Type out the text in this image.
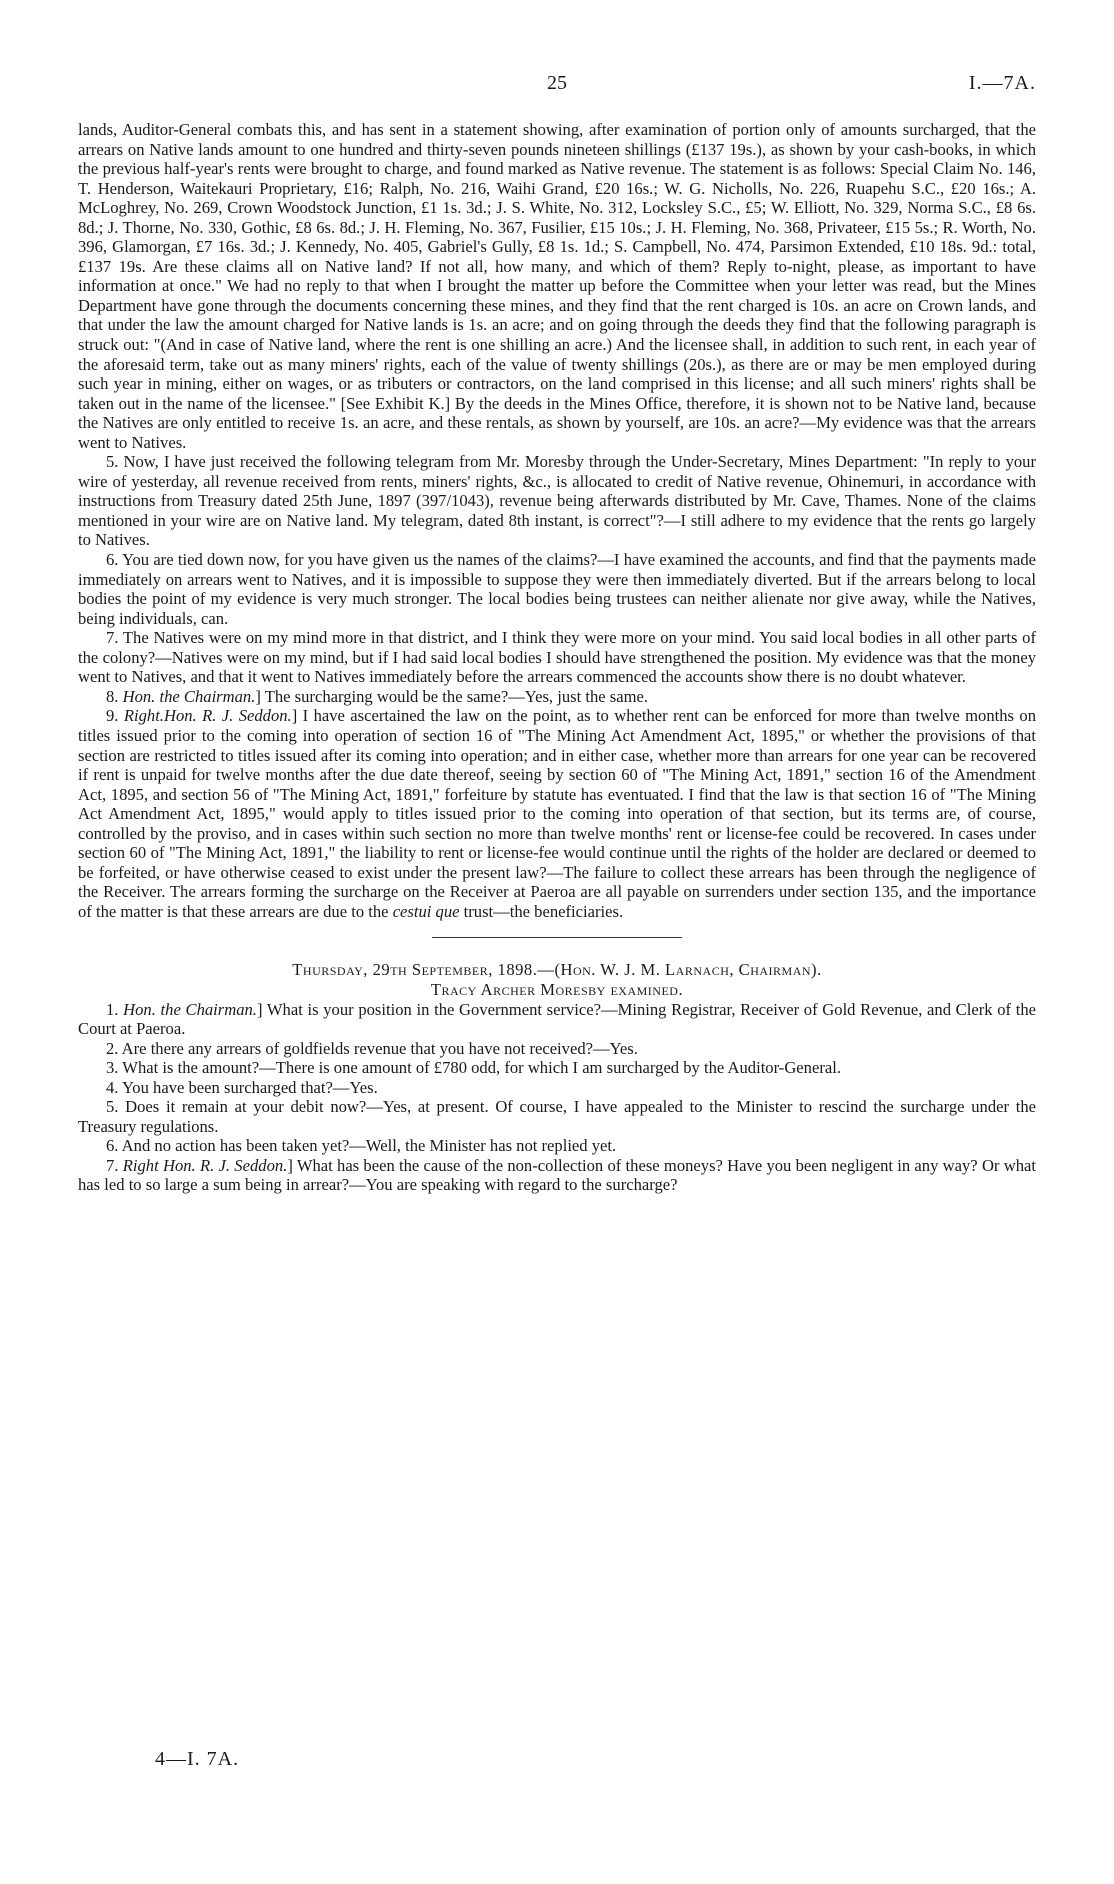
25	I.—7A.

lands, Auditor-General combats this, and has sent in a statement showing, after examination of portion only of amounts surcharged, that the arrears on Native lands amount to one hundred and thirty-seven pounds nineteen shillings (£137 19s.), as shown by your cash-books, in which the previous half-year's rents were brought to charge, and found marked as Native revenue. The statement is as follows: Special Claim No. 146, T. Henderson, Waitekauri Proprietary, £16; Ralph, No. 216, Waihi Grand, £20 16s.; W. G. Nicholls, No. 226, Ruapehu S.C., £20 16s.; A. McLoghrey, No. 269, Crown Woodstock Junction, £1 1s. 3d.; J. S. White, No. 312, Locksley S.C., £5; W. Elliott, No. 329, Norma S.C., £8 6s. 8d.; J. Thorne, No. 330, Gothic, £8 6s. 8d.; J. H. Fleming, No. 367, Fusilier, £15 10s.; J. H. Fleming, No. 368, Privateer, £15 5s.; R. Worth, No. 396, Glamorgan, £7 16s. 3d.; J. Kennedy, No. 405, Gabriel's Gully, £8 1s. 1d.; S. Campbell, No. 474, Parsimon Extended, £10 18s. 9d.: total, £137 19s. Are these claims all on Native land? If not all, how many, and which of them? Reply to-night, please, as important to have information at once." We had no reply to that when I brought the matter up before the Committee when your letter was read, but the Mines Department have gone through the documents concerning these mines, and they find that the rent charged is 10s. an acre on Crown lands, and that under the law the amount charged for Native lands is 1s. an acre; and on going through the deeds they find that the following paragraph is struck out: "(And in case of Native land, where the rent is one shilling an acre.) And the licensee shall, in addition to such rent, in each year of the aforesaid term, take out as many miners' rights, each of the value of twenty shillings (20s.), as there are or may be men employed during such year in mining, either on wages, or as tributers or contractors, on the land comprised in this license; and all such miners' rights shall be taken out in the name of the licensee." [See Exhibit K.] By the deeds in the Mines Office, therefore, it is shown not to be Native land, because the Natives are only entitled to receive 1s. an acre, and these rentals, as shown by yourself, are 10s. an acre?—My evidence was that the arrears went to Natives.

5. Now, I have just received the following telegram from Mr. Moresby through the Under-Secretary, Mines Department: "In reply to your wire of yesterday, all revenue received from rents, miners' rights, &c., is allocated to credit of Native revenue, Ohinemuri, in accordance with instructions from Treasury dated 25th June, 1897 (397/1043), revenue being afterwards distributed by Mr. Cave, Thames. None of the claims mentioned in your wire are on Native land. My telegram, dated 8th instant, is correct"?—I still adhere to my evidence that the rents go largely to Natives.

6. You are tied down now, for you have given us the names of the claims?—I have examined the accounts, and find that the payments made immediately on arrears went to Natives, and it is impossible to suppose they were then immediately diverted. But if the arrears belong to local bodies the point of my evidence is very much stronger. The local bodies being trustees can neither alienate nor give away, while the Natives, being individuals, can.

7. The Natives were on my mind more in that district, and I think they were more on your mind. You said local bodies in all other parts of the colony?—Natives were on my mind, but if I had said local bodies I should have strengthened the position. My evidence was that the money went to Natives, and that it went to Natives immediately before the arrears commenced the accounts show there is no doubt whatever.

8. Hon. the Chairman.] The surcharging would be the same?—Yes, just the same.

9. Right.Hon. R. J. Seddon.] I have ascertained the law on the point, as to whether rent can be enforced for more than twelve months on titles issued prior to the coming into operation of section 16 of "The Mining Act Amendment Act, 1895," or whether the provisions of that section are restricted to titles issued after its coming into operation; and in either case, whether more than arrears for one year can be recovered if rent is unpaid for twelve months after the due date thereof, seeing by section 60 of "The Mining Act, 1891," section 16 of the Amendment Act, 1895, and section 56 of "The Mining Act, 1891," forfeiture by statute has eventuated. I find that the law is that section 16 of "The Mining Act Amendment Act, 1895," would apply to titles issued prior to the coming into operation of that section, but its terms are, of course, controlled by the proviso, and in cases within such section no more than twelve months' rent or license-fee could be recovered. In cases under section 60 of "The Mining Act, 1891," the liability to rent or license-fee would continue until the rights of the holder are declared or deemed to be forfeited, or have otherwise ceased to exist under the present law?—The failure to collect these arrears has been through the negligence of the Receiver. The arrears forming the surcharge on the Receiver at Paeroa are all payable on surrenders under section 135, and the importance of the matter is that these arrears are due to the cestui que trust—the beneficiaries.

Thursday, 29th September, 1898.—(Hon. W. J. M. Larnach, Chairman).

Tracy Archer Moresby examined.

1. Hon. the Chairman.] What is your position in the Government service?—Mining Registrar, Receiver of Gold Revenue, and Clerk of the Court at Paeroa.

2. Are there any arrears of goldfields revenue that you have not received?—Yes.

3. What is the amount?—There is one amount of £780 odd, for which I am surcharged by the Auditor-General.

4. You have been surcharged that?—Yes.

5. Does it remain at your debit now?—Yes, at present. Of course, I have appealed to the Minister to rescind the surcharge under the Treasury regulations.

6. And no action has been taken yet?—Well, the Minister has not replied yet.

7. Right Hon. R. J. Seddon.] What has been the cause of the non-collection of these moneys? Have you been negligent in any way? Or what has led to so large a sum being in arrear?—You are speaking with regard to the surcharge?

4—I. 7A.
